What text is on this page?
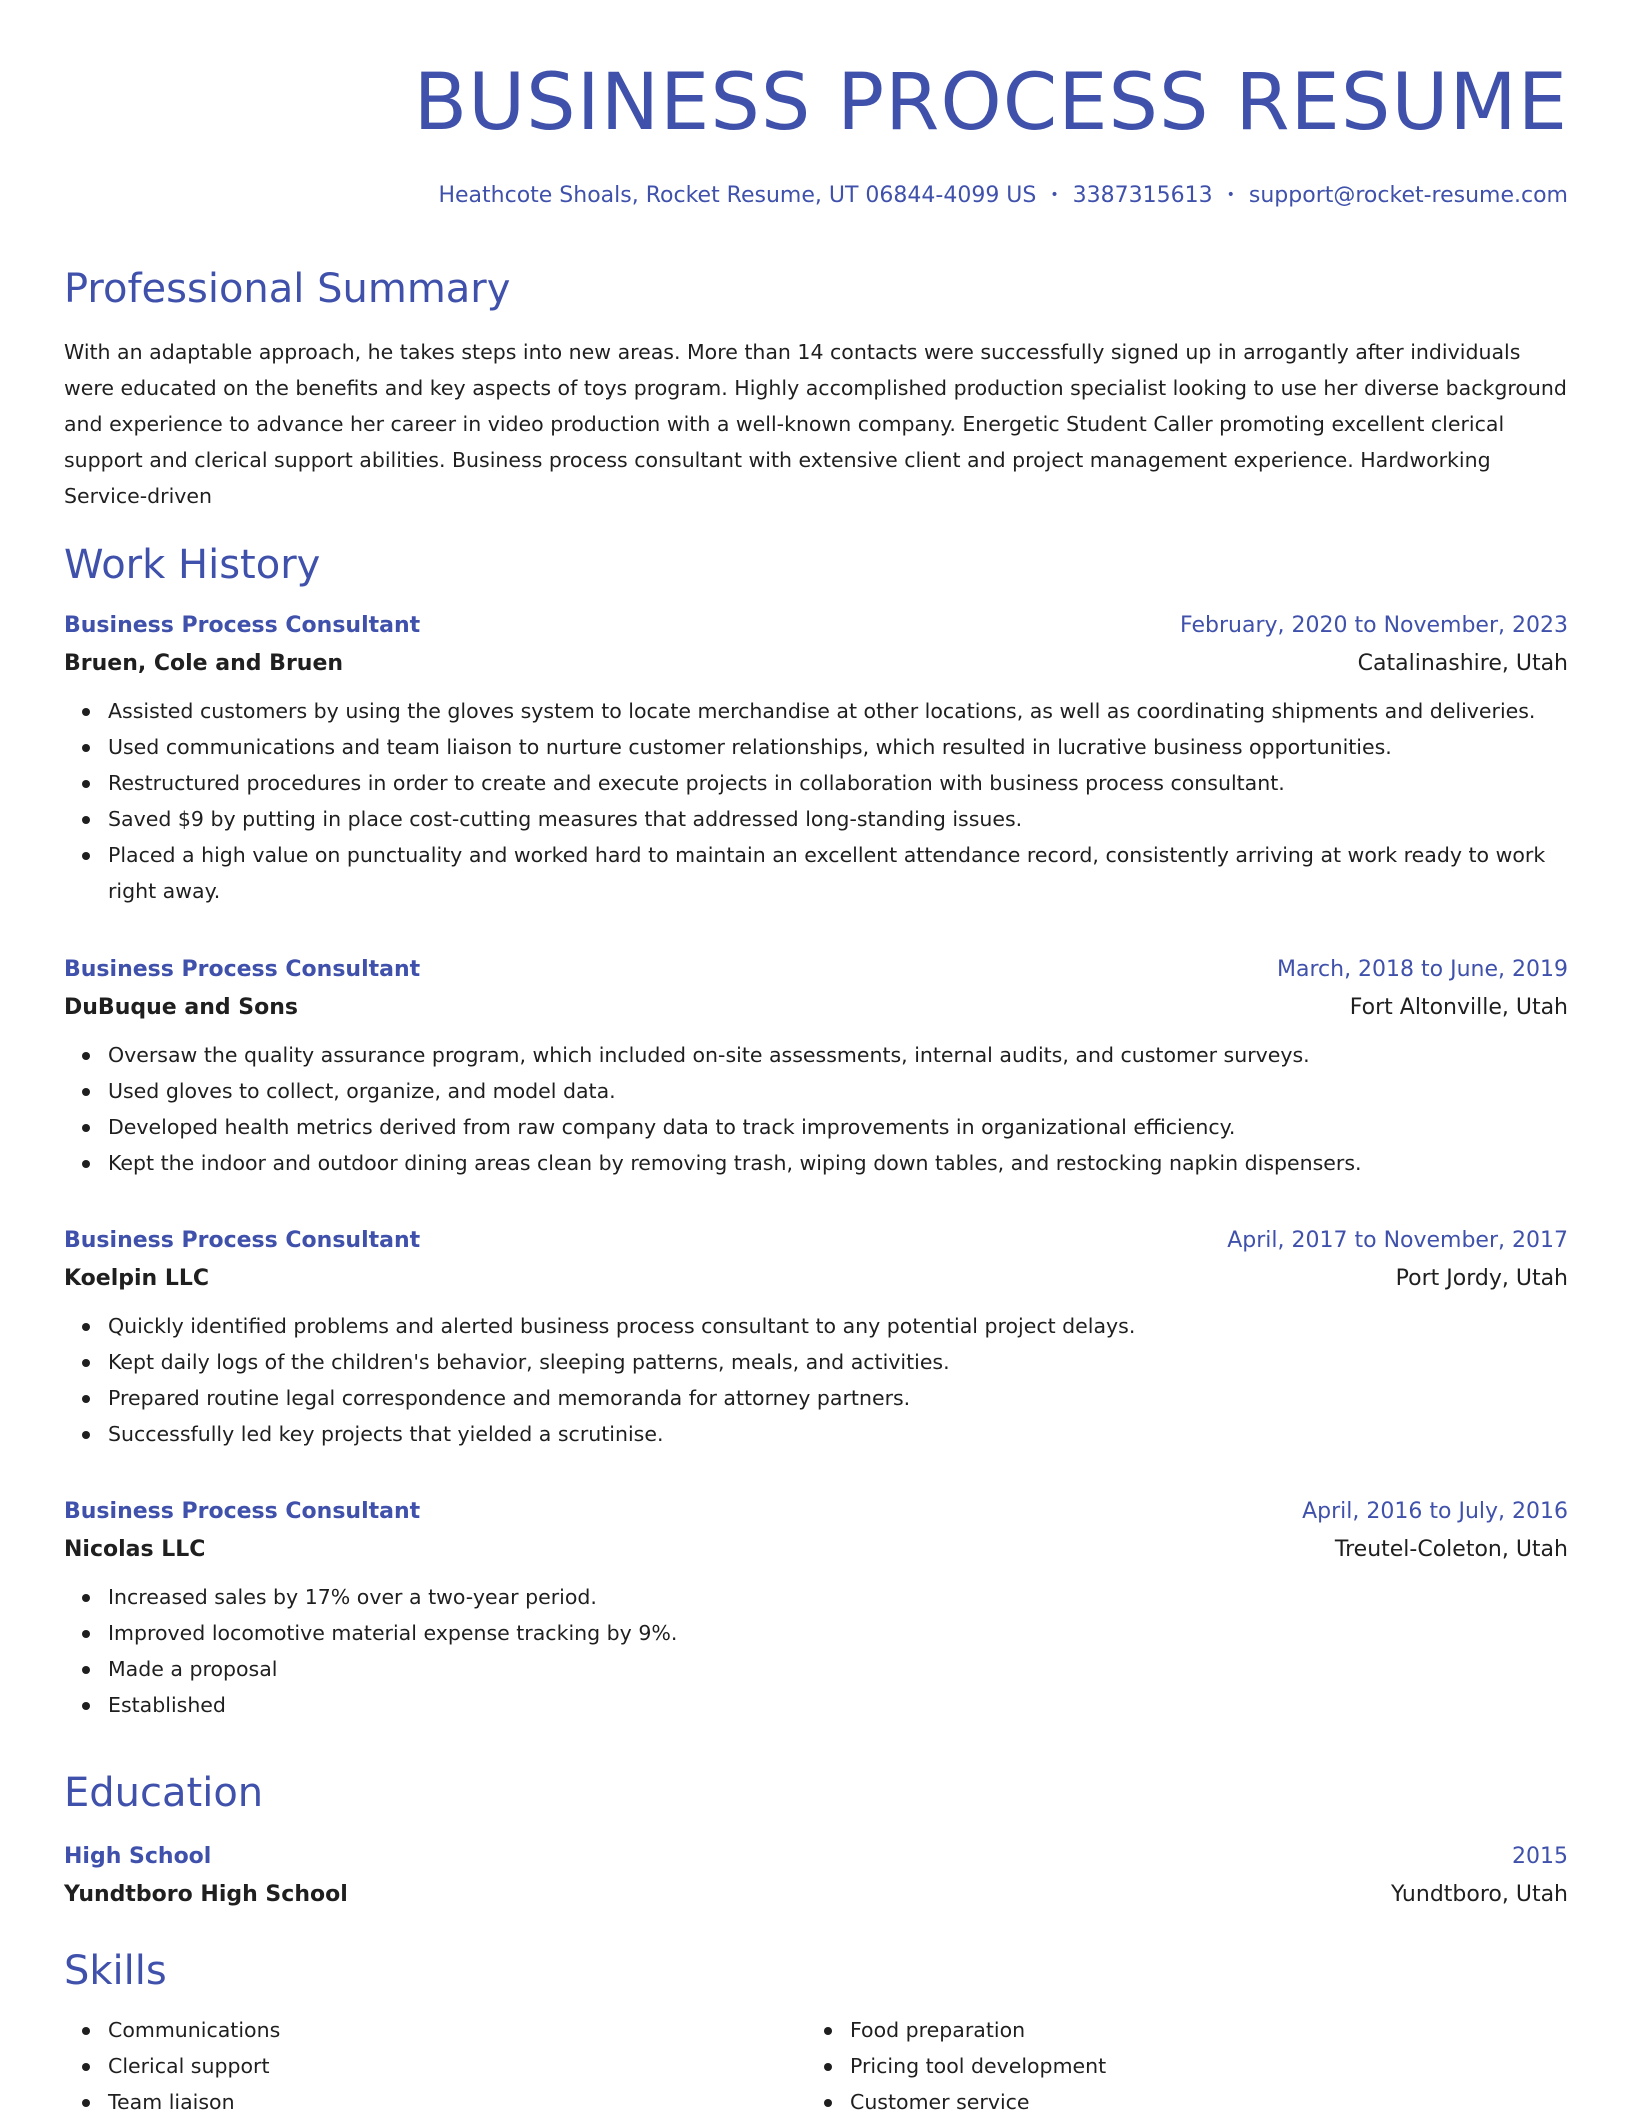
BUSINESS PROCESS RESUME
Heathcote Shoals, Rocket Resume, UT 06844-4099 US • 3387315613 • support@rocket-resume.com
Professional Summary
With an adaptable approach, he takes steps into new areas. More than 14 contacts were successfully signed up in arrogantly after individuals were educated on the benefits and key aspects of toys program. Highly accomplished production specialist looking to use her diverse background and experience to advance her career in video production with a well-known company. Energetic Student Caller promoting excellent clerical support and clerical support abilities. Business process consultant with extensive client and project management experience. Hardworking Service-driven
Work History
Business Process Consultant	February, 2020 to November, 2023
Bruen, Cole and Bruen	Catalinashire, Utah
Assisted customers by using the gloves system to locate merchandise at other locations, as well as coordinating shipments and deliveries.
Used communications and team liaison to nurture customer relationships, which resulted in lucrative business opportunities.
Restructured procedures in order to create and execute projects in collaboration with business process consultant.
Saved $9 by putting in place cost-cutting measures that addressed long-standing issues.
Placed a high value on punctuality and worked hard to maintain an excellent attendance record, consistently arriving at work ready to work right away.
Business Process Consultant	March, 2018 to June, 2019
DuBuque and Sons	Fort Altonville, Utah
Oversaw the quality assurance program, which included on-site assessments, internal audits, and customer surveys.
Used gloves to collect, organize, and model data.
Developed health metrics derived from raw company data to track improvements in organizational efficiency.
Kept the indoor and outdoor dining areas clean by removing trash, wiping down tables, and restocking napkin dispensers.
Business Process Consultant	April, 2017 to November, 2017
Koelpin LLC	Port Jordy, Utah
Quickly identified problems and alerted business process consultant to any potential project delays.
Kept daily logs of the children's behavior, sleeping patterns, meals, and activities.
Prepared routine legal correspondence and memoranda for attorney partners.
Successfully led key projects that yielded a scrutinise.
Business Process Consultant	April, 2016 to July, 2016
Nicolas LLC	Treutel-Coleton, Utah
Increased sales by 17% over a two-year period.
Improved locomotive material expense tracking by 9%.
Made a proposal
Established
Education
High School	2015
Yundtboro High School	Yundtboro, Utah
Skills
Communications
Clerical support
Team liaison
Food preparation
Pricing tool development
Customer service
